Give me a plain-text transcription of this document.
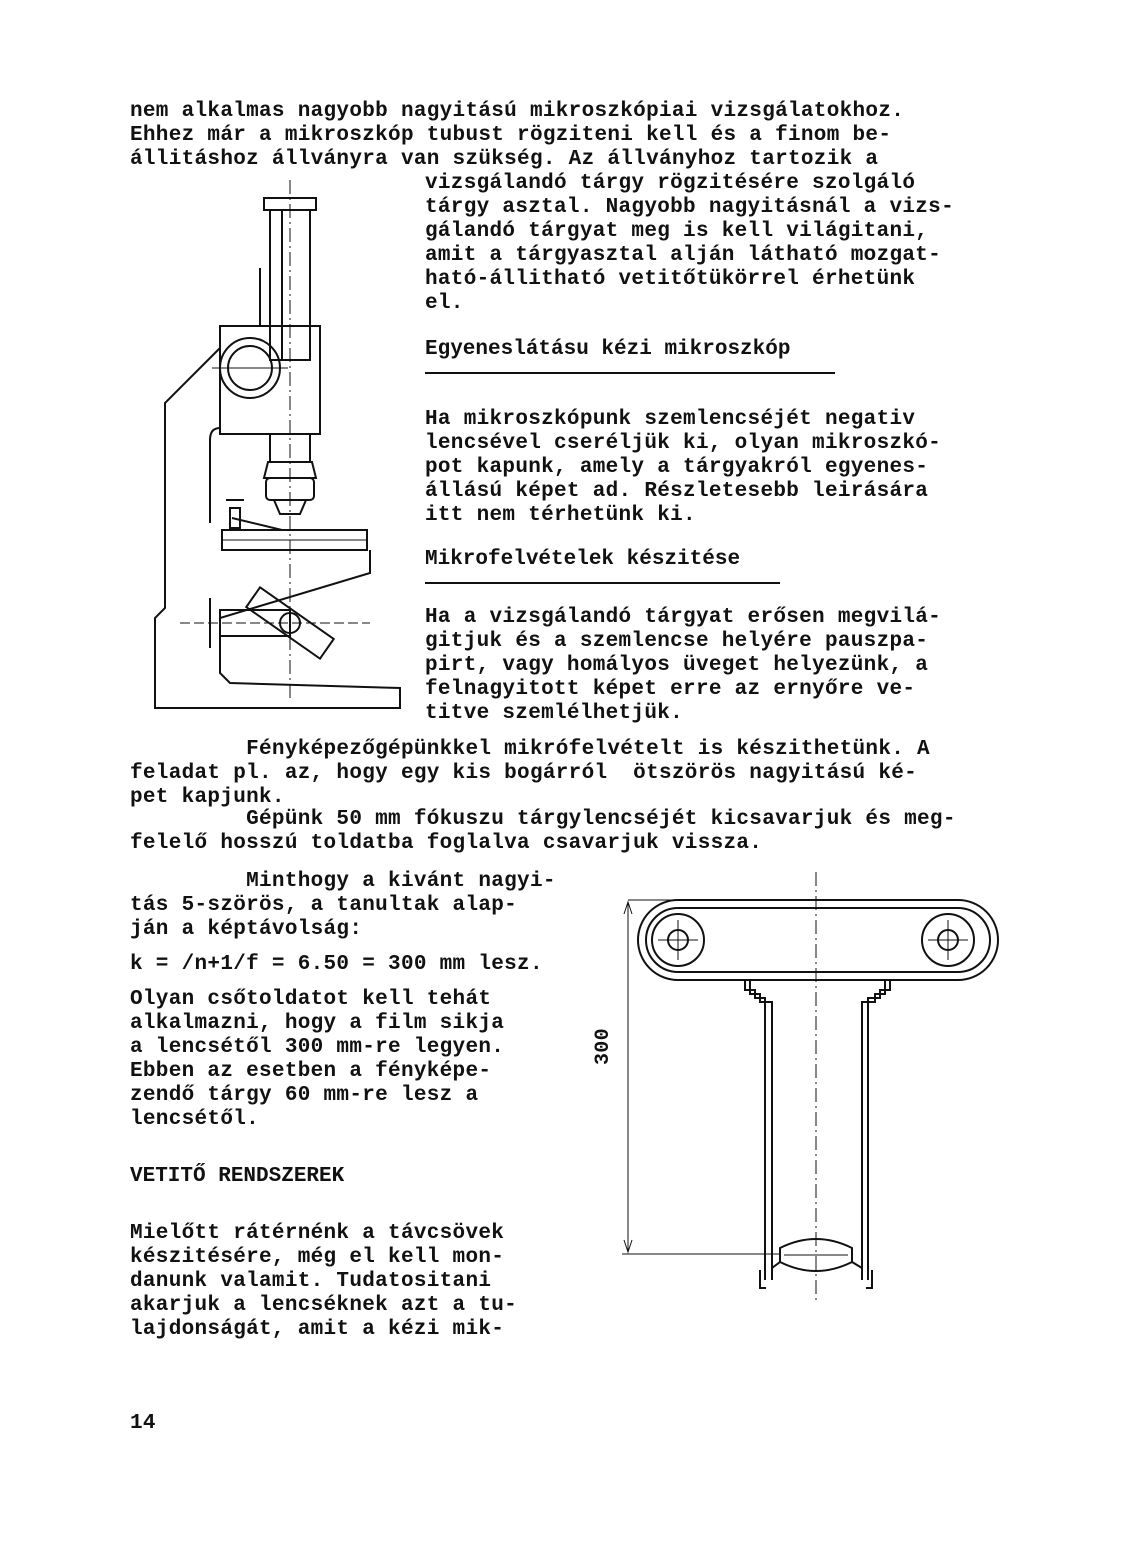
nem alkalmas nagyobb nagyitású mikroszkópiai vizsgálatokhoz.
Ehhez már a mikroszkóp tubust rögziteni kell és a finom be-
állitáshoz állványra van szükség. Az állványhoz tartozik a
vizsgálandó tárgy rögzitésére szolgáló
tárgy asztal. Nagyobb nagyitásnál a vizs-
gálandó tárgyat meg is kell világitani,
amit a tárgyasztal alján látható mozgat-
ható-állitható vetitőtükörrel érhetünk
el.
Egyeneslátásu kézi mikroszkóp
Ha mikroszkópunk szemlencséjét negativ
lencsével cseréljük ki, olyan mikroszkó-
pot kapunk, amely a tárgyakról egyenes-
állású képet ad. Részletesebb leirására
itt nem térhetünk ki.
Mikrofelvételek készitése
Ha a vizsgálandó tárgyat erősen megvilá-
gitjuk és a szemlencse helyére pauszpa-
pirt, vagy homályos üveget helyezünk, a
felnagyitott képet erre az ernyőre ve-
titve szemlélhetjük.
Fényképezőgépünkkel mikrófelvételt is készithetünk. A
feladat pl. az, hogy egy kis bogárról  ötszörös nagyitású ké-
pet kapjunk.
Gépünk 50 mm fókuszu tárgylencséjét kicsavarjuk és meg-
felelő hosszú toldatba foglalva csavarjuk vissza.
Minthogy a kivánt nagyi-
tás 5-szörös, a tanultak alap-
ján a képtávolság:
k = /n+1/f = 6.50 = 300 mm lesz.
Olyan csőtoldatot kell tehát
alkalmazni, hogy a film sikja
a lencsétől 300 mm-re legyen.
Ebben az esetben a fényképe-
zendő tárgy 60 mm-re lesz a
lencsétől.
VETITŐ RENDSZEREK
Mielőtt rátérnénk a távcsövek
készitésére, még el kell mon-
danunk valamit. Tudatositani
akarjuk a lencséknek azt a tu-
lajdonságát, amit a kézi mik-
14
300
